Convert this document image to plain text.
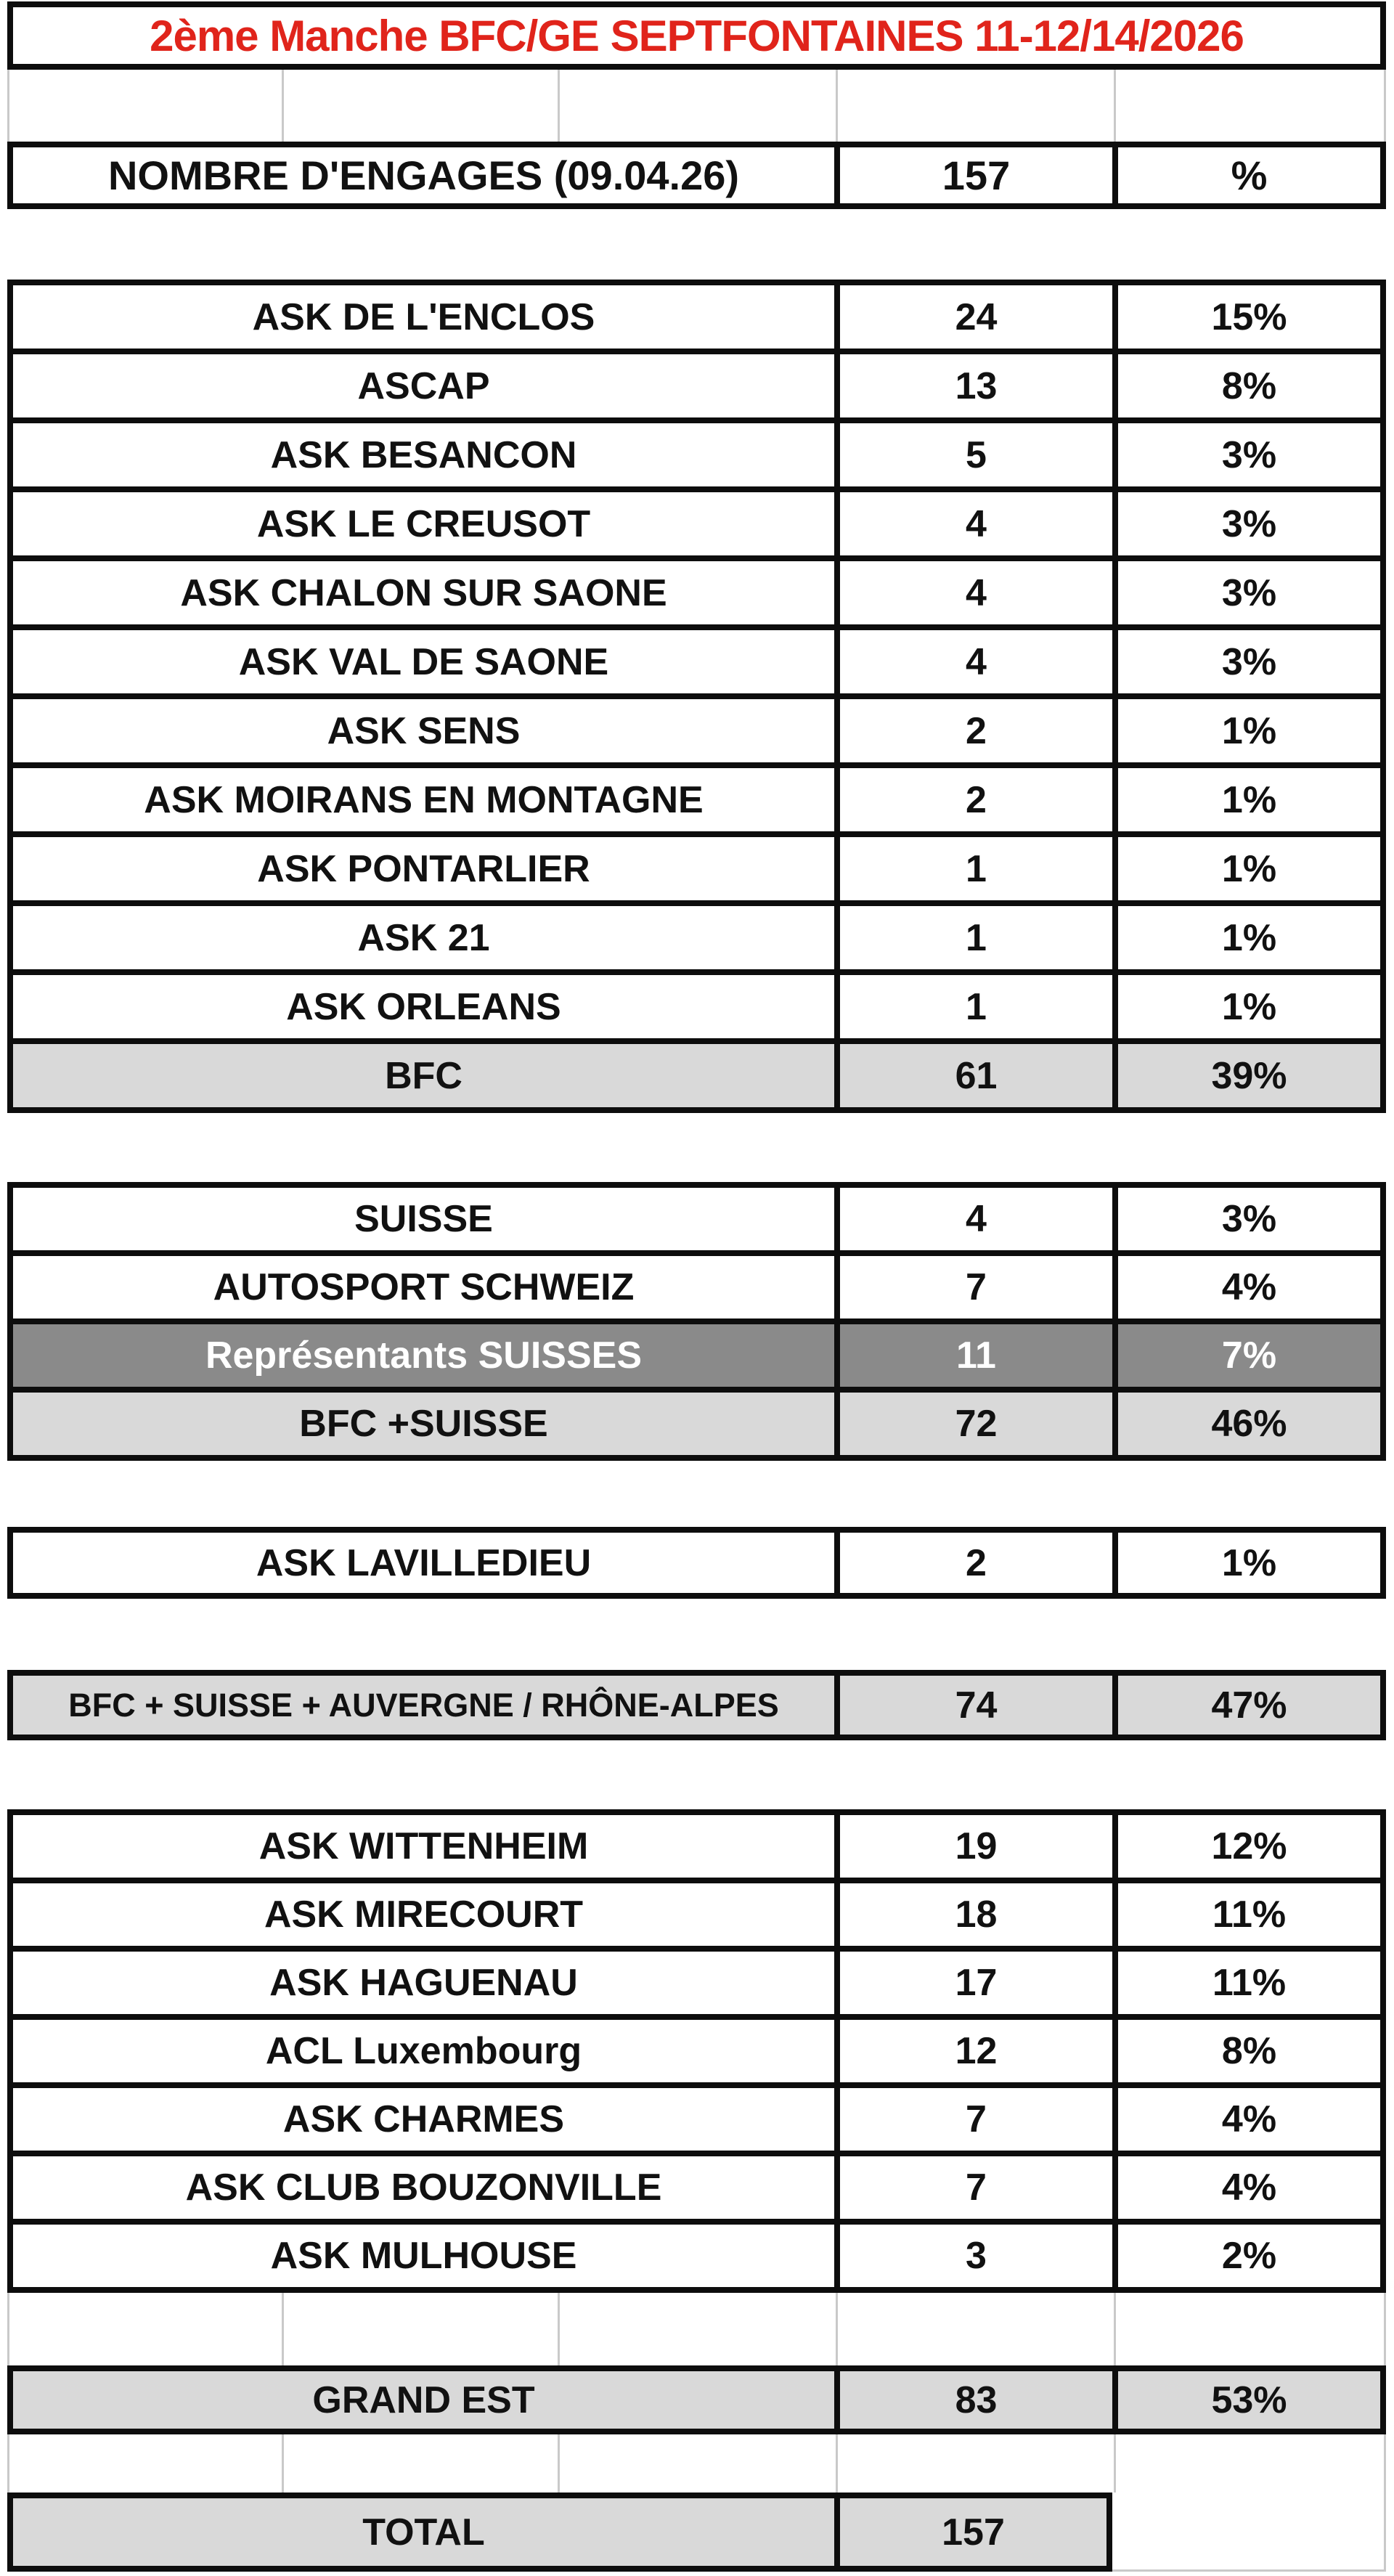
2ème Manche BFC/GE SEPTFONTAINES 11-12/14/2026
NOMBRE D'ENGAGES (09.04.26)	157	%
ASK DE L'ENCLOS	24	15%
ASCAP	13	8%
ASK BESANCON	5	3%
ASK LE CREUSOT	4	3%
ASK CHALON SUR SAONE	4	3%
ASK VAL DE SAONE	4	3%
ASK SENS	2	1%
ASK MOIRANS EN MONTAGNE	2	1%
ASK PONTARLIER	1	1%
ASK 21	1	1%
ASK ORLEANS	1	1%
BFC	61	39%
SUISSE	4	3%
AUTOSPORT SCHWEIZ	7	4%
Représentants SUISSES	11	7%
BFC +SUISSE	72	46%
ASK LAVILLEDIEU	2	1%
BFC + SUISSE + AUVERGNE / RHÔNE-ALPES	74	47%
ASK WITTENHEIM	19	12%
ASK MIRECOURT	18	11%
ASK HAGUENAU	17	11%
ACL Luxembourg	12	8%
ASK CHARMES	7	4%
ASK CLUB BOUZONVILLE	7	4%
ASK MULHOUSE	3	2%
GRAND EST	83	53%
TOTAL	157
